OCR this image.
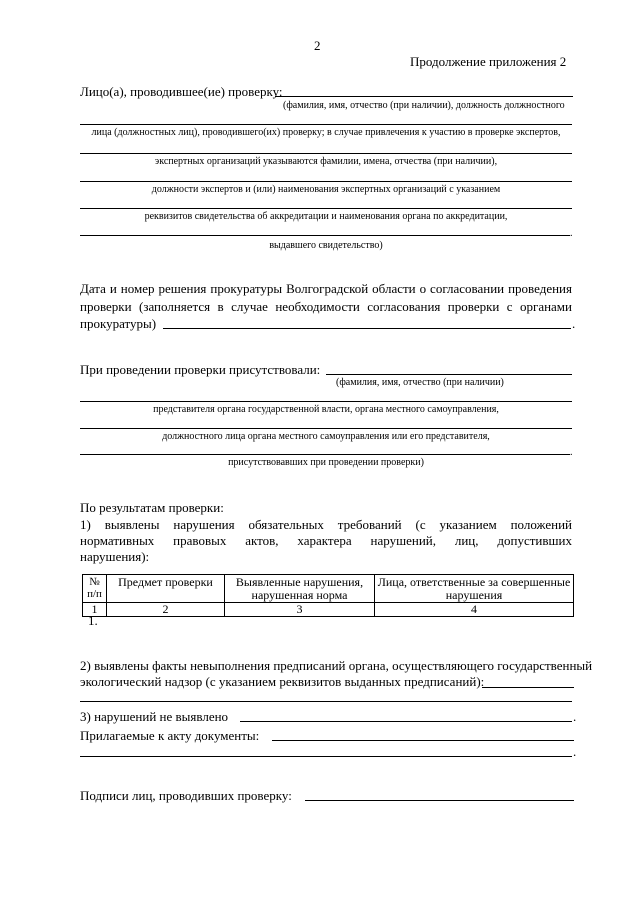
2
Продолжение приложения 2
Лицо(а), проводившее(ие) проверку:
(фамилия, имя, отчество (при наличии), должность должностного
лица (должностных лиц), проводившего(их) проверку; в случае привлечения к участию в проверке экспертов,
экспертных организаций указываются фамилии, имена, отчества (при наличии),
должности экспертов и (или) наименования экспертных организаций с указанием
реквизитов свидетельства об аккредитации и наименования органа по аккредитации,
.
выдавшего свидетельство)
Дата и номер решения прокуратуры Волгоградской области о согласовании проведения
проверки (заполняется в случае необходимости согласования проверки с органами
прокуратуры)	.
При проведении проверки присутствовали:
(фамилия, имя, отчество (при наличии)
представителя органа государственной власти, органа местного самоуправления,
должностного лица органа местного самоуправления или его представителя,
.
присутствовавших при проведении проверки)
По результатам проверки:
1) выявлены нарушения обязательных требований (с указанием положений
нормативных правовых актов, характера нарушений, лиц, допустивших
нарушения):
№ п/п	Предмет проверки	Выявленные нарушения, нарушенная норма	Лица, ответственные за совершенные нарушения
1	2	3	4
1.
2) выявлены факты невыполнения предписаний органа, осуществляющего государственный
экологический надзор (с указанием реквизитов выданных предписаний):
3) нарушений не выявлено	.
Прилагаемые к акту документы:
.
Подписи лиц, проводивших проверку:
